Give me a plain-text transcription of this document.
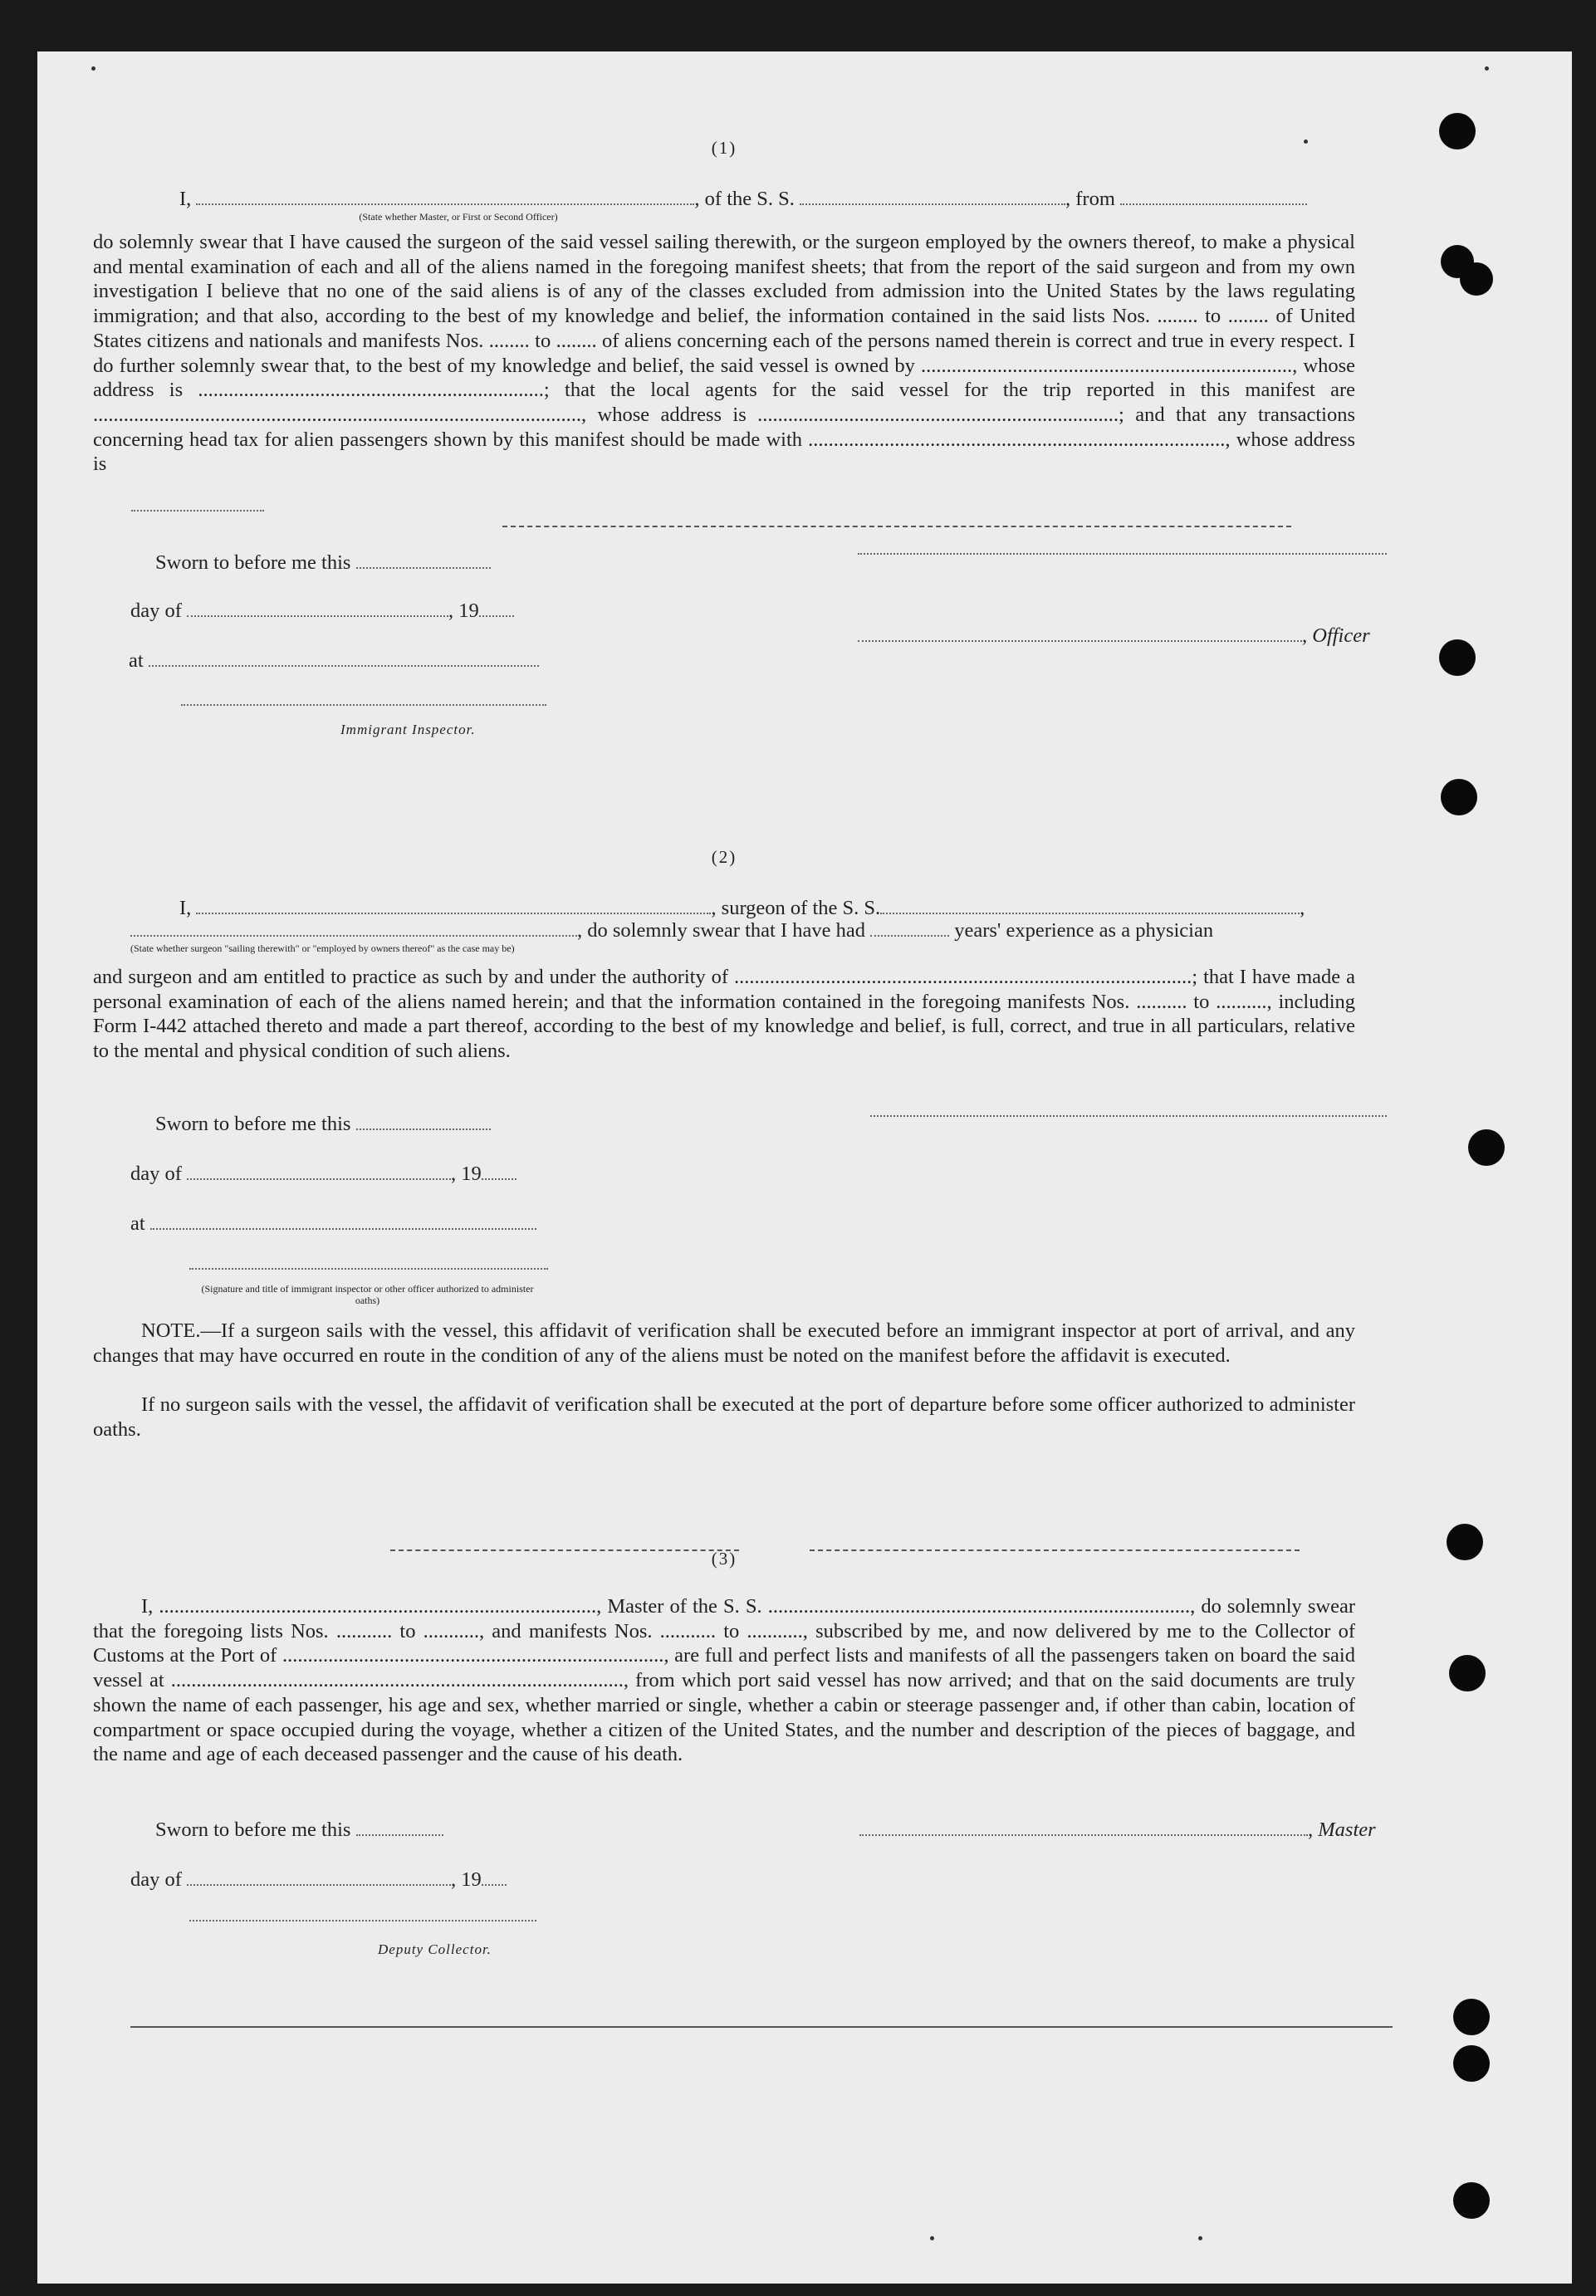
(1)
I,	, of the S. S.	, from
(State whether Master, or First or Second Officer)
do solemnly swear that I have caused the surgeon of the said vessel sailing therewith, or the surgeon employed by the owners thereof, to make a physical and mental examination of each and all of the aliens named in the foregoing manifest sheets; that from the report of the said surgeon and from my own investigation I believe that no one of the said aliens is of any of the classes excluded from admission into the United States by the laws regulating immigration; and that also, according to the best of my knowledge and belief, the information contained in the said lists Nos. ........ to ........ of United States citizens and nationals and manifests Nos. ........ to ........ of aliens concerning each of the persons named therein is correct and true in every respect. I do further solemnly swear that, to the best of my knowledge and belief, the said vessel is owned by ........................................................................., whose address is ....................................................................; that the local agents for the said vessel for the trip reported in this manifest are ................................................................................................, whose address is .......................................................................; and that any transactions concerning head tax for alien passengers shown by this manifest should be made with .................................................................................., whose address is
Sworn to before me this
day of	, 19
, Officer
at
Immigrant Inspector.
(2)
I,	, surgeon of the S. S.	,
, do solemnly swear that I have had	years' experience as a physician
(State whether surgeon "sailing therewith" or "employed by owners thereof" as the case may be)
and surgeon and am entitled to practice as such by and under the authority of ..........................................................................................; that I have made a personal examination of each of the aliens named herein; and that the information contained in the foregoing manifests Nos. .......... to .........., including Form I-442 attached thereto and made a part thereof, according to the best of my knowledge and belief, is full, correct, and true in all particulars, relative to the mental and physical condition of such aliens.
Sworn to before me this
day of	, 19
at
(Signature and title of immigrant inspector or other officer authorized to administer oaths)
NOTE.—If a surgeon sails with the vessel, this affidavit of verification shall be executed before an immigrant inspector at port of arrival, and any changes that may have occurred en route in the condition of any of the aliens must be noted on the manifest before the affidavit is executed.
If no surgeon sails with the vessel, the affidavit of verification shall be executed at the port of departure before some officer authorized to administer oaths.
(3)
I, ......................................................................................, Master of the S. S. ..................................................................................., do solemnly swear that the foregoing lists Nos. ........... to ..........., and manifests Nos. ........... to ..........., subscribed by me, and now delivered by me to the Collector of Customs at the Port of ..........................................................................., are full and perfect lists and manifests of all the passengers taken on board the said vessel at ........................................................................................., from which port said vessel has now arrived; and that on the said documents are truly shown the name of each passenger, his age and sex, whether married or single, whether a cabin or steerage passenger and, if other than cabin, location of compartment or space occupied during the voyage, whether a citizen of the United States, and the number and description of the pieces of baggage, and the name and age of each deceased passenger and the cause of his death.
Sworn to before me this	, Master
day of	, 19
Deputy Collector.
